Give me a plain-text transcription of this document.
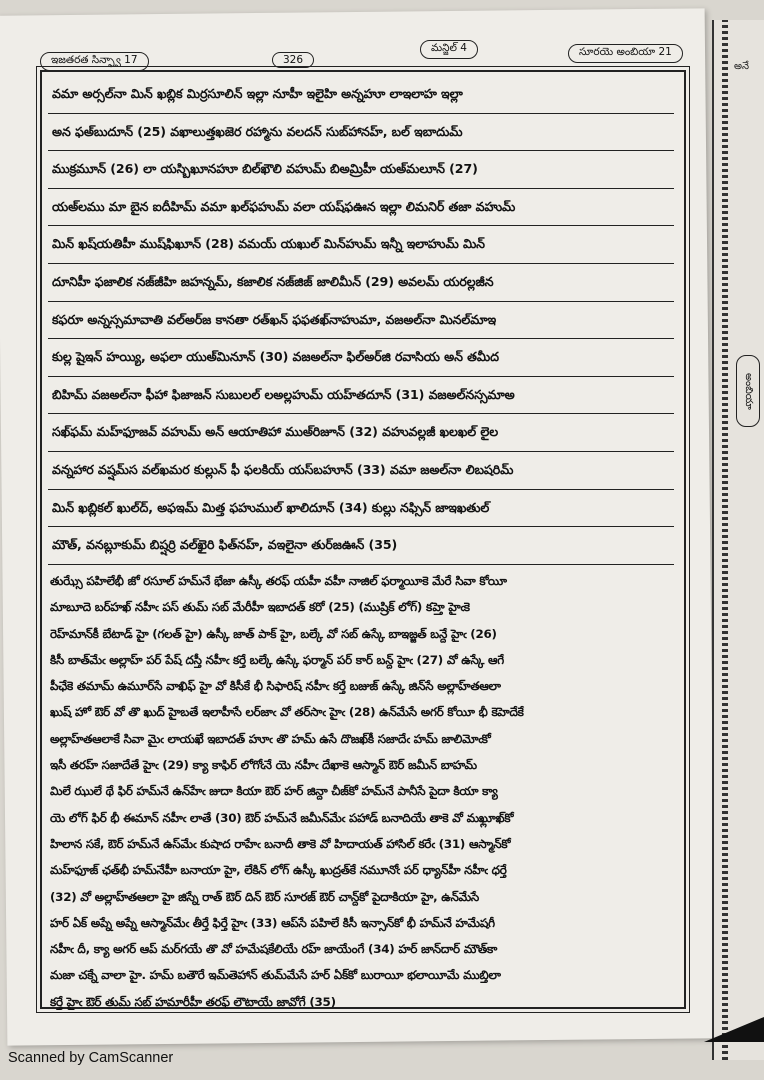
అనే
అంబియా
ఇజతరత సిన్ఫ్వా 17	326
మన్జిల్ 4	సూరయె అంబియా 21
వమా అర్సల్‌నా మిన్ ఖబ్లిక మిర్రసూలిన్ ఇల్లా నూహీ ఇలైహి అన్నహూ లాఇలాహ ఇల్లా
అన ఫఅ్‌బుదూన్ (25) వఖాలుత్తఖజెర రహ్మాను వలదన్ సుబ్‌హానహ్, బల్ ఇబాదుమ్
ముక్రమూన్ (26) లా యస్బిఖూనహూ బిల్‌ఖౌలి వహుమ్ బిఅమ్రిహీ యఅ్‌మలూన్ (27)
యఅ్‌లము మా బైన ఐదీహిమ్ వమా ఖల్‌ఫహుమ్ వలా యష్‌ఫఊన ఇల్లా లిమనిర్ తజా వహుమ్
మిన్ ఖష్‌యతిహీ ముష్‌ఫిఖూన్ (28) వమయ్ యఖుల్ మిన్‌హుమ్ ఇన్నీ ఇలాహుమ్ మిన్
దూనిహీ ఫజాలిక నజ్‌జీహి జహన్నమ్, కజాలిక నజ్‌జిజ్ జాలిమీన్ (29) అవలమ్ యరల్లజీన
కఫరూ అన్నస్సమావాతి వల్‌అర్‌జ కానతా రత్‌ఖన్ ఫఫతఖ్‌నాహుమా, వజఅల్‌నా మినల్‌మాఇ
కుల్ల షైఇన్ హయ్యి, అఫలా యుఅ్‌మినూన్ (30) వజఅల్‌నా ఫిల్‌అర్‌జి రవాసియ అన్ తమీద
బిహిమ్ వజఅల్‌నా ఫీహా ఫిజాజన్ సుబులల్ లఅల్లహుమ్ యహ్‌తదూన్ (31) వజఅల్‌నస్సమాఅ
సఖ్‌ఫమ్ మహ్‌ఫూజవ్ వహుమ్ అన్ ఆయాతిహా ముఅ్‌రిజూన్ (32) వహువల్లజీ ఖలఖల్ లైల
వన్నహార వష్షమ్‌స వల్‌ఖమర కుల్లున్ ఫీ ఫలకియ్ యస్‌బహూన్ (33) వమా జఅల్‌నా లిబషరిమ్
మిన్ ఖబ్లికల్ ఖుల్‌ద్, అఫఇమ్ మిత్త ఫహుముల్ ఖాలిదూన్ (34) కుల్లు నఫ్సిన్ జాఇఖతుల్
మౌత్, వనబ్లూకుమ్ బిష్షర్రి వల్‌ఖైరి ఫిత్‌నహ్, వఇలైనా తుర్‌జఊన్ (35)
తుఝ్సే పహిలేభీ జో రసూల్ హమ్‌నే భేజా ఉస్కీ తరఫ్ యహీ వహీ నాజిల్ ఫర్మాయీకె మేరే సివా కోయీ
మాబూదె బర్‌హఖ్ నహీఁ పస్ తుమ్ సబ్ మేరీహీ ఇబాదత్ కరో (25) (ముష్రిక్ లోగ్) కహ్తె హైఁకె
రెహ్‌మాన్‌కీ బేటాడ్ హై (గలత్ హై) ఉస్కీ జాత్ పాక్ హై, బల్కే వో సబ్ ఉస్కే బాఇజ్జత్ బన్దే హైఁ (26)
కిసీ బాత్‌మేఁ అల్లాహ్ పర్ పేష్ దస్తీ నహీఁ కర్తే బల్కే ఉస్కే ఫర్మాన్ పర్ కార్ బన్ద్ హైఁ (27) వో ఉస్కే ఆగే
పీఛేకె తమామ్ ఉమూర్‌సే వాఖిఫ్ హై వో కిసీకే భీ సిఫారిష్ నహీఁ కర్తే బజుజ్ ఉస్కే జిన్‌సే అల్లాహ్‌తఆలా
ఖుష్ హో ఔర్ వో తొ ఖుద్ హైబతే ఇలాహీసే లర్‌జాఁ వో తర్‌సాఁ హైఁ (28) ఉన్‌మేసే అగర్ కోయీ భీ కెహెదేకే
అల్లాహ్‌తఆలాకే సివా మైఁ లాయఖే ఇబాదత్ హూఁ తొ హమ్ ఉసే దొజఖ్‌కీ సజాదేఁ హమ్ జాలిమోఁకో
ఇసీ తరహ్ సజాదేతే హైఁ (29) క్యా కాఫిర్ లోగోఁనే యె నహీఁ దేఖాకె ఆస్మాన్ ఔర్ జమీన్ బాహమ్
మిలే ఝులే థే ఫిర్ హమ్‌నే ఉన్‌హేఁ జుదా కియా ఔర్ హర్ జిన్దా చీజ్‌కో హమ్‌నే పానీసే పైదా కియా క్యా
యె లోగ్ ఫిర్ భీ ఈమాన్ నహీఁ లాతే (30) ఔర్ హమ్‌నే జమీన్‌మేఁ పహాడ్ బనాదియే తాకె వో మఖ్లూఖ్‌కో
హిలాన సకే, ఔర్ హమ్‌నే ఉస్‌మేఁ కుషాద రాహేఁ బనాదీ తాకె వో హిదాయత్ హాసిల్ కరేఁ (31) ఆస్మాన్‌కో
మహ్‌ఫూజ్ ఛత్‌భీ హమ్‌నేహీ బనాయా హై, లేకిన్ లోగ్ ఉస్కీ ఖుద్రత్‌కే నమూనోఁ పర్ ధ్యాన్‌హీ నహీఁ ధర్తే
(32) వో అల్లాహ్‌తఆలా హై జిస్నే రాత్ ఔర్ దిన్ ఔర్ సూరజ్ ఔర్ చాన్ద్‌కో పైదాకియా హై, ఉన్‌మేసే
హర్ ఏక్ అప్నే అప్నే ఆస్మాన్‌మేఁ తీర్తే ఫిర్తే హైఁ (33) ఆప్‌సే పహిలే కిసీ ఇన్సాన్‌కో భీ హమ్‌నే హమేషగీ
నహీఁ దీ, క్యా అగర్ ఆప్ మర్‌గయే తొ వో హమేషకేలియే రహ్ జాయేంగే (34) హర్ జాన్‌దార్ మౌత్‌కా
మజా చక్నే వాలా హై. హమ్ బతౌరే ఇమ్‌తెహాన్ తుమ్‌మేసే హర్ ఏక్‌కో బురాయీ భలాయీమే ముబ్తిలా
కర్తే హైఁ ఔర్ తుమ్ సబ్ హమారీహీ తరఫ్ లౌటాయే జావోగే (35)
Scanned by CamScanner
